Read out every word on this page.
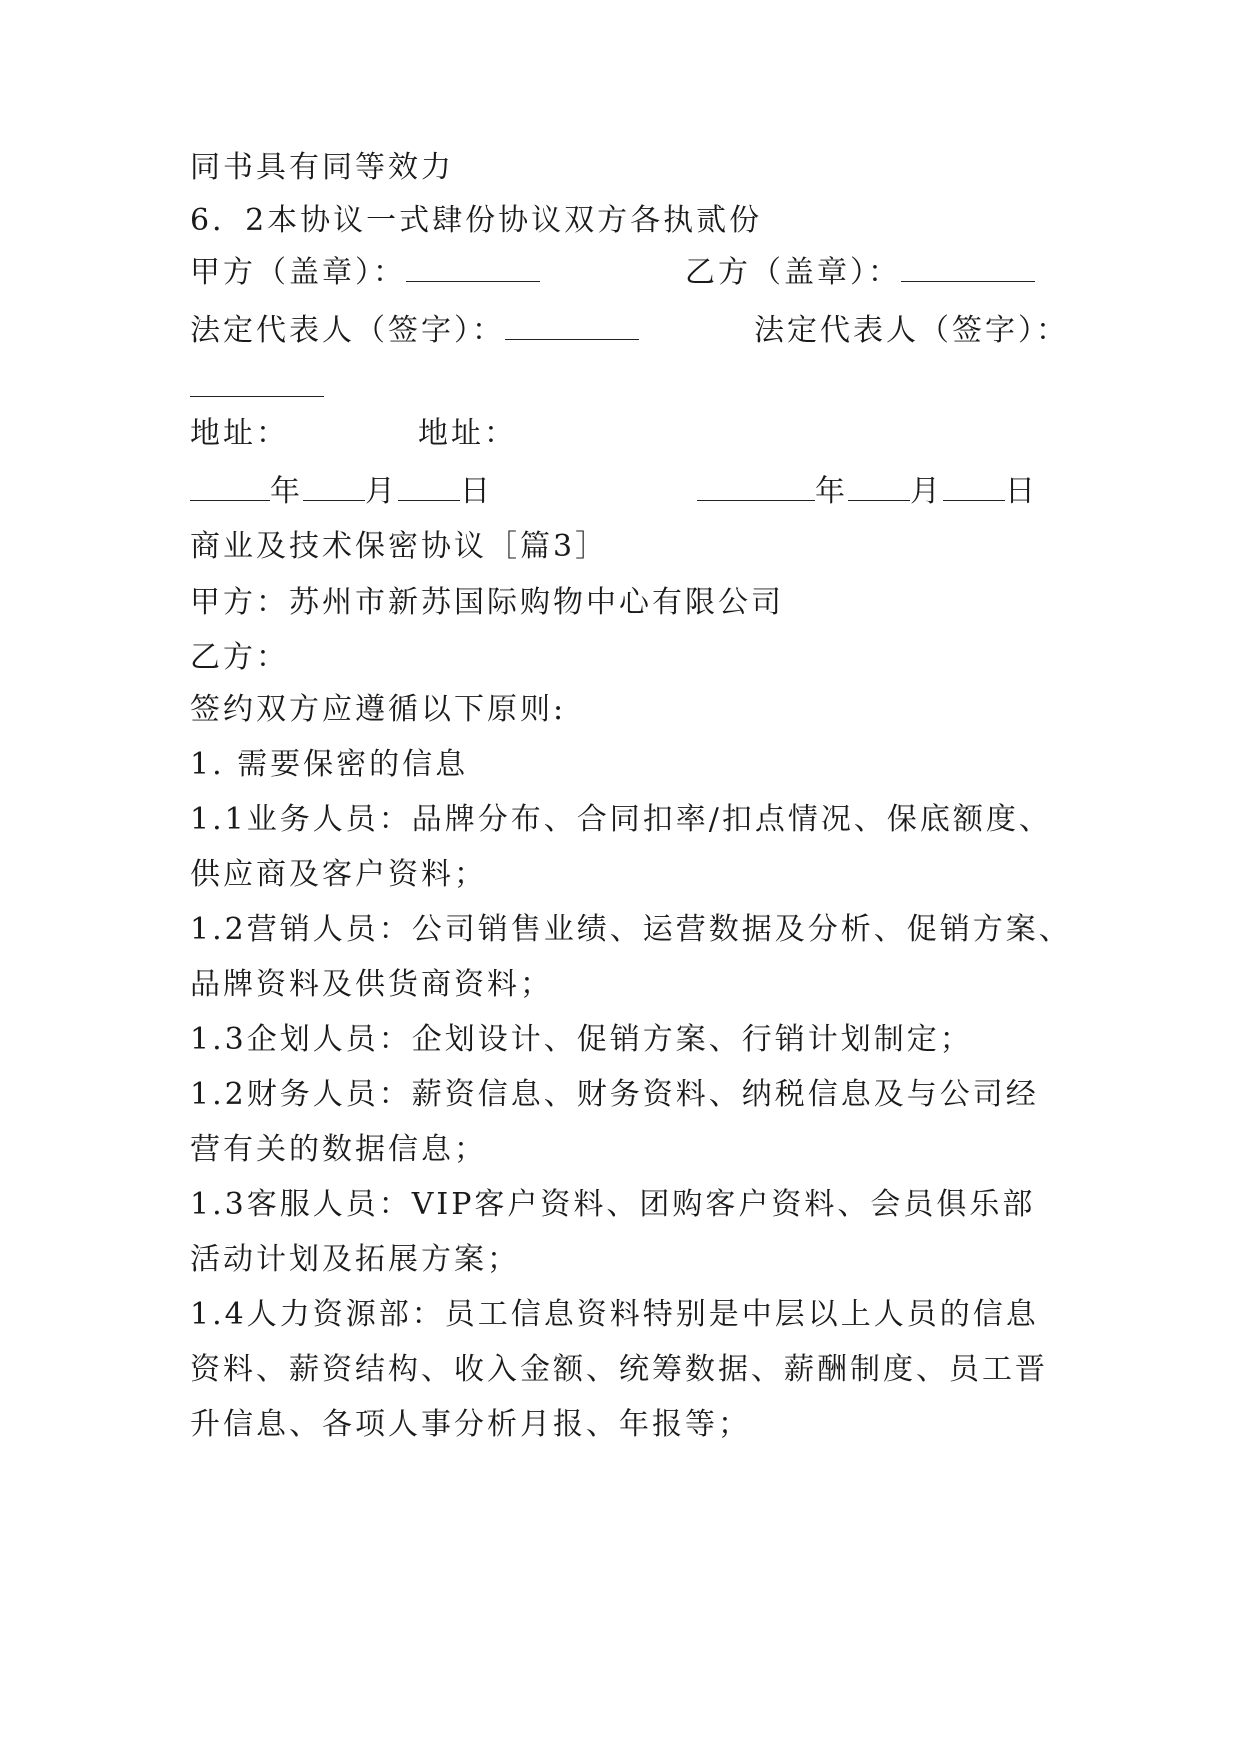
同书具有同等效力
6．2本协议一式肆份协议双方各执贰份
甲方（盖章）：	乙方（盖章）：
法定代表人（签字）：	法定代表人（签字）：
地址：	地址：
年 月 日	年 月 日
商业及技术保密协议［篇3］
甲方：苏州市新苏国际购物中心有限公司
乙方：
签约双方应遵循以下原则:
1. 需要保密的信息
1.1业务人员：品牌分布、合同扣率/扣点情况、保底额度、
供应商及客户资料；
1.2营销人员：公司销售业绩、运营数据及分析、促销方案、
品牌资料及供货商资料；
1.3企划人员：企划设计、促销方案、行销计划制定；
1.2财务人员：薪资信息、财务资料、纳税信息及与公司经
营有关的数据信息；
1.3客服人员：VIP客户资料、团购客户资料、会员俱乐部
活动计划及拓展方案；
1.4人力资源部：员工信息资料特别是中层以上人员的信息
资料、薪资结构、收入金额、统筹数据、薪酬制度、员工晋
升信息、各项人事分析月报、年报等；
